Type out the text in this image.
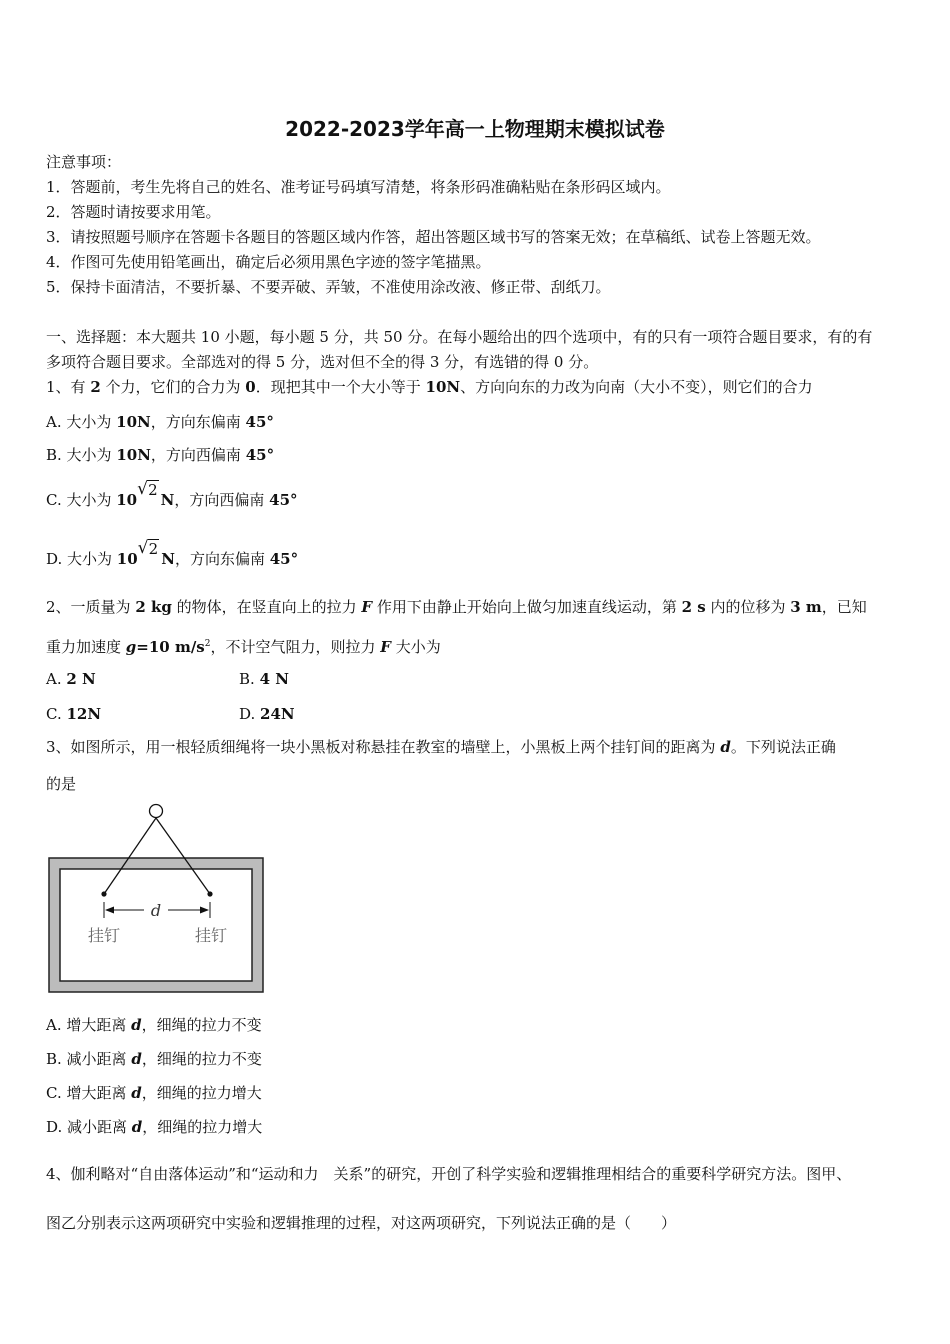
2022-2023学年高一上物理期末模拟试卷
注意事项：
1．答题前，考生先将自己的姓名、准考证号码填写清楚，将条形码准确粘贴在条形码区域内。
2．答题时请按要求用笔。
3．请按照题号顺序在答题卡各题目的答题区域内作答，超出答题区域书写的答案无效；在草稿纸、试卷上答题无效。
4．作图可先使用铅笔画出，确定后必须用黑色字迹的签字笔描黑。
5．保持卡面清洁，不要折暴、不要弄破、弄皱，不准使用涂改液、修正带、刮纸刀。
一、选择题：本大题共 10 小题，每小题 5 分，共 50 分。在每小题给出的四个选项中，有的只有一项符合题目要求，有的有
多项符合题目要求。全部选对的得 5 分，选对但不全的得 3 分，有选错的得 0 分。
1、有 2 个力，它们的合力为 0．现把其中一个大小等于 10N、方向向东的力改为向南（大小不变），则它们的合力
A. 大小为 10N，方向东偏南 45°
B. 大小为 10N，方向西偏南 45°
C. 大小为 10√ 2N，方向西偏南 45°
D. 大小为 10√ 2N，方向东偏南 45°
2、一质量为 2 kg 的物体，在竖直向上的拉力 F 作用下由静止开始向上做匀加速直线运动，第 2 s 内的位移为 3 m，已知
重力加速度 g=10 $m/s^2$，不计空气阻力，则拉力 F 大小为
A. 2 N	B. 4 N
C. 12N	D. 24N
3、如图所示，用一根轻质细绳将一块小黑板对称悬挂在教室的墙壁上，小黑板上两个挂钉间的距离为 d。下列说法正确
的是
d
挂钉	挂钉
A. 增大距离 d，细绳的拉力不变
B. 减小距离 d，细绳的拉力不变
C. 增大距离 d，细绳的拉力增大
D. 减小距离 d，细绳的拉力增大
4、伽利略对“自由落体运动”和“运动和力　关系”的研究，开创了科学实验和逻辑推理相结合的重要科学研究方法。图甲、
图乙分别表示这两项研究中实验和逻辑推理的过程，对这两项研究，下列说法正确的是（　　）
